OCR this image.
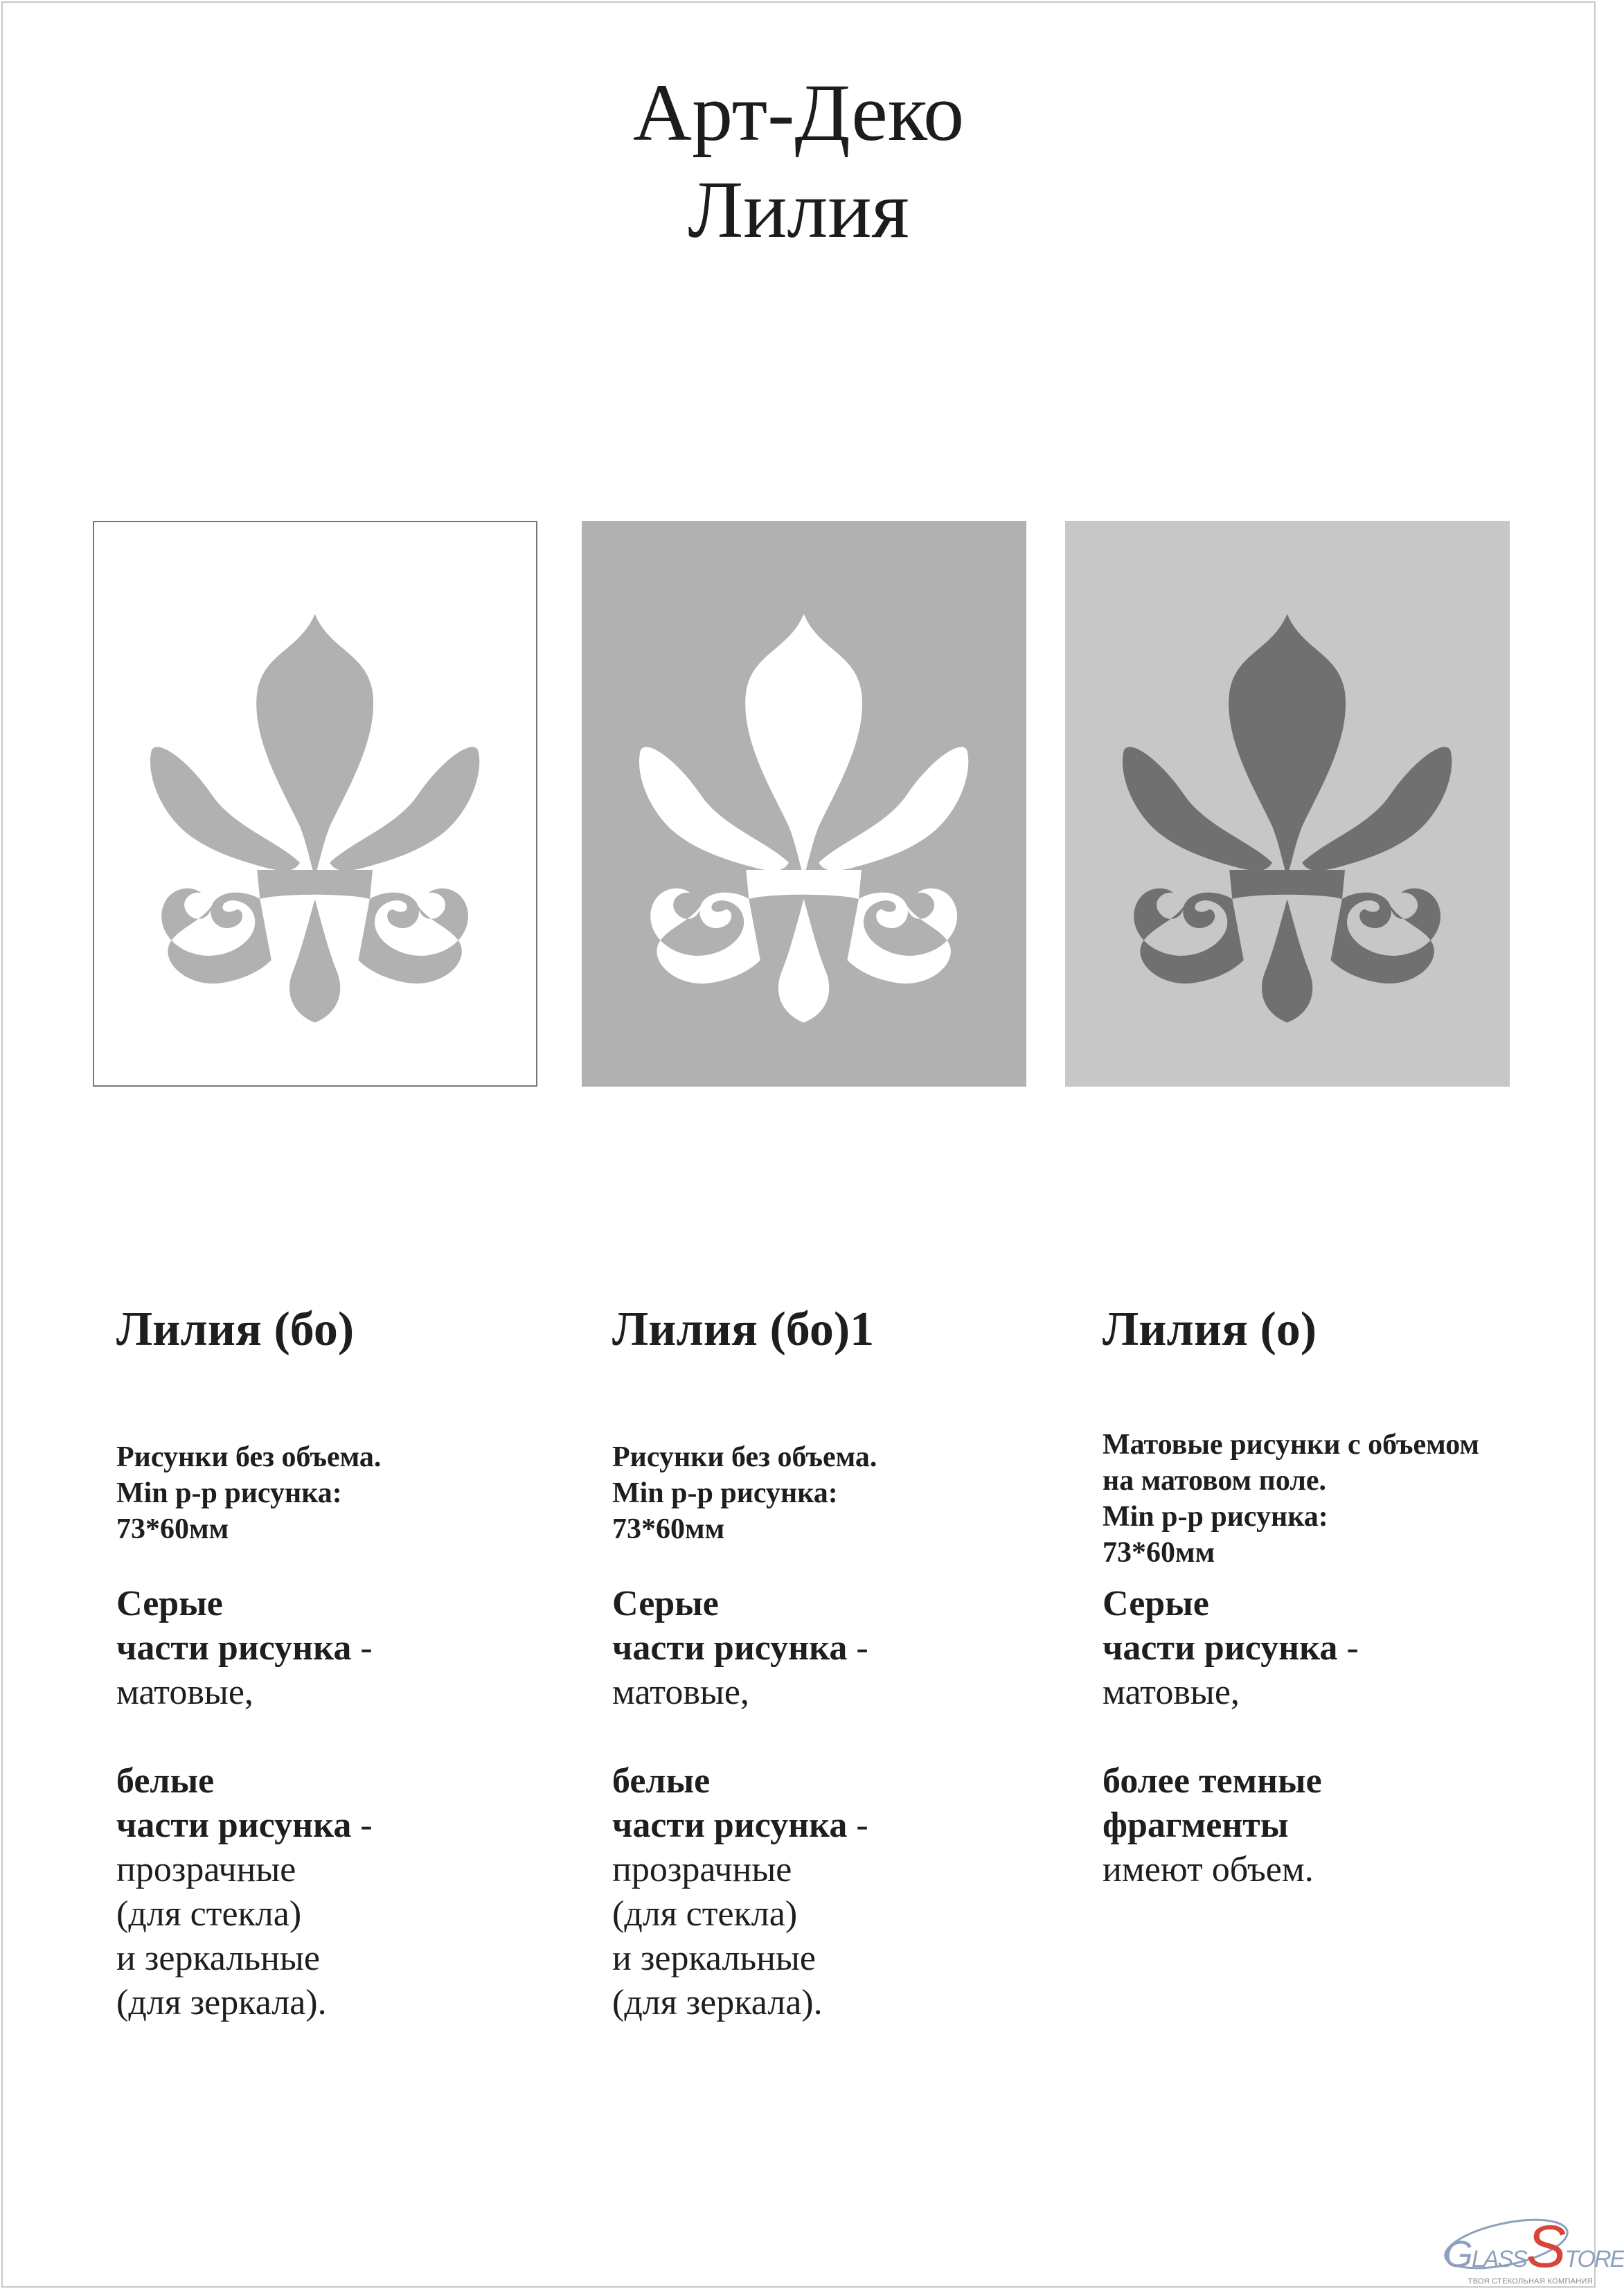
Арт-Деко
Лилия

Лилия (бо)

Рисунки без объема.

Min р-р рисунка:

73*60мм

Серые

части рисунка -

матовые,

белые

части рисунка -

прозрачные

(для стекла)

и зеркальные

(для зеркала).

Лилия (бо)1

Рисунки без объема.

Min р-р рисунка:

73*60мм

Серые

части рисунка -

матовые,

белые

части рисунка -

прозрачные

(для стекла)

и зеркальные

(для зеркала).

Лилия (о)

Матовые рисунки с объемом

на матовом поле.

Min р-р рисунка:

73*60мм

Серые

части рисунка -

матовые,

более темные

фрагменты

имеют объем.

GLASSSTORE
ТВОЯ СТЕКОЛЬНАЯ КОМПАНИЯ
